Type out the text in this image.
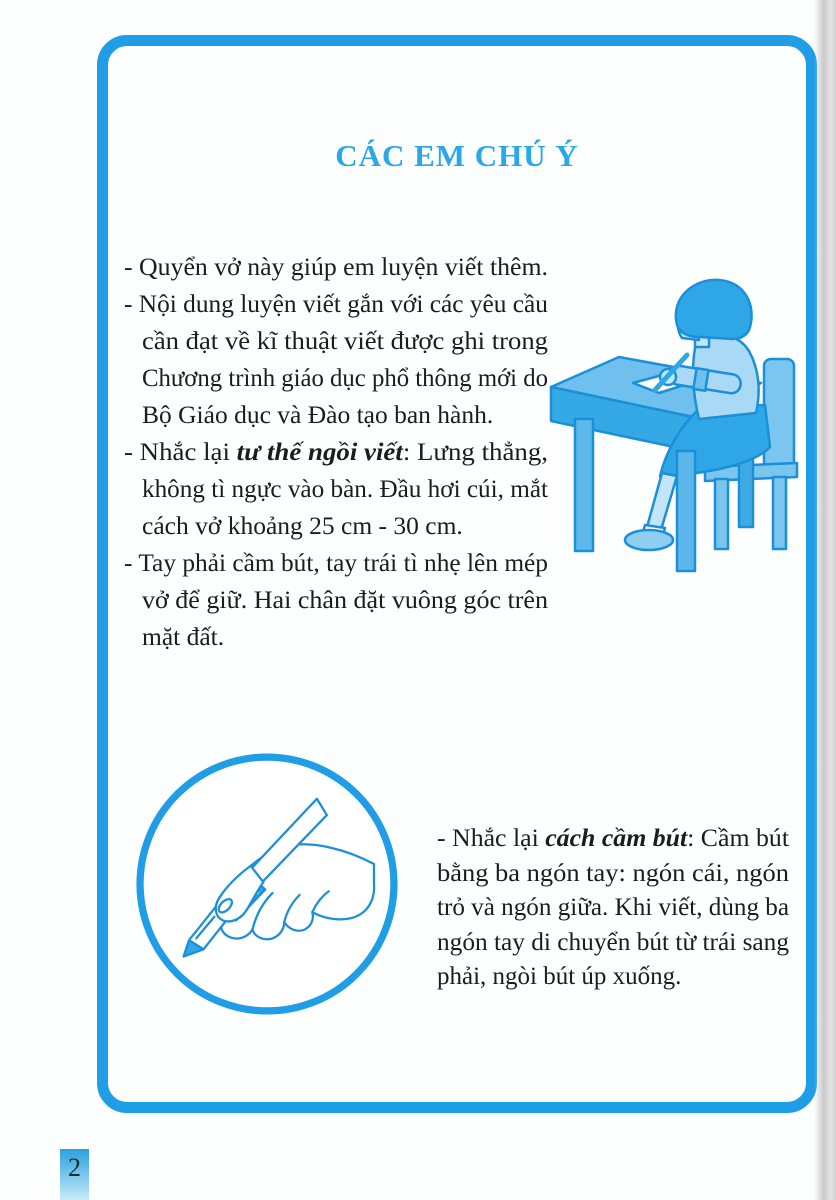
CÁC EM CHÚ Ý
- Quyển vở này giúp em luyện viết thêm.
- Nội dung luyện viết gắn với các yêu cầu
cần đạt về kĩ thuật viết được ghi trong
Chương trình giáo dục phổ thông mới do
Bộ Giáo dục và Đào tạo ban hành.
- Nhắc lại tư thế ngồi viết: Lưng thẳng,
không tì ngực vào bàn. Đầu hơi cúi, mắt
cách vở khoảng 25 cm - 30 cm.
- Tay phải cầm bút, tay trái tì nhẹ lên mép
vở để giữ. Hai chân đặt vuông góc trên
mặt đất.
- Nhắc lại cách cầm bút: Cầm bút
bằng ba ngón tay: ngón cái, ngón
trỏ và ngón giữa. Khi viết, dùng ba
ngón tay di chuyển bút từ trái sang
phải, ngòi bút úp xuống.
2
